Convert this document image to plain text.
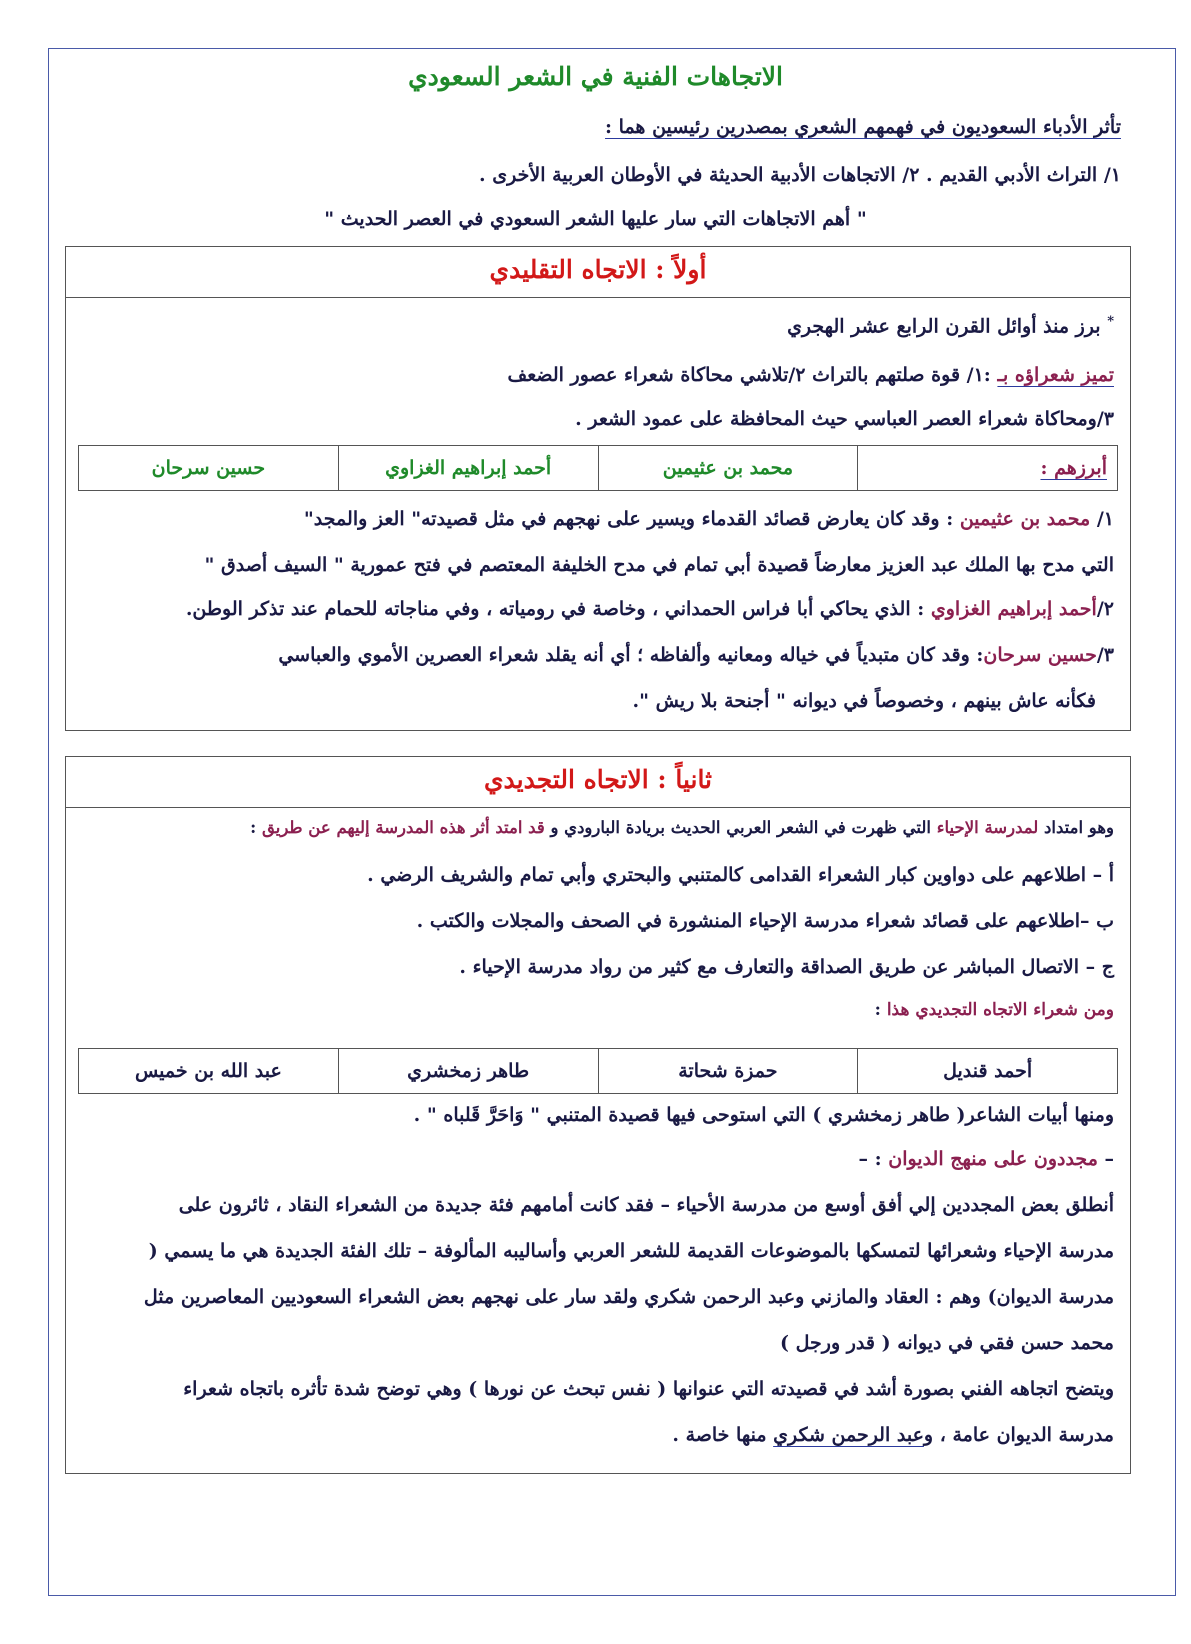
الاتجاهات الفنية في الشعر السعودي
تأثر الأدباء السعوديون في فهمهم الشعري بمصدرين رئيسين هما :
١/ التراث الأدبي القديم . ٢/ الاتجاهات الأدبية الحديثة في الأوطان العربية الأخرى .
" أهم الاتجاهات التي سار عليها الشعر السعودي في العصر الحديث "
أولاً : الاتجاه التقليدي
* برز منذ أوائل القرن الرابع عشر الهجري
تميز شعراؤه بـ :١/ قوة صلتهم بالتراث ٢/تلاشي محاكاة شعراء عصور الضعف
٣/ومحاكاة شعراء العصر العباسي حيث المحافظة على عمود الشعر .
أبرزهم :	محمد بن عثيمين	أحمد إبراهيم الغزاوي	حسين سرحان
١/ محمد بن عثيمين : وقد كان يعارض قصائد القدماء ويسير على نهجهم في مثل قصيدته" العز والمجد"
التي مدح بها الملك عبد العزيز معارضاً قصيدة أبي تمام في مدح الخليفة المعتصم في فتح عمورية " السيف أصدق "
٢/أحمد إبراهيم الغزاوي : الذي يحاكي أبا فراس الحمداني ، وخاصة في رومياته ، وفي مناجاته للحمام عند تذكر الوطن.
٣/حسين سرحان: وقد كان متبدياً في خياله ومعانيه وألفاظه ؛ أي أنه يقلد شعراء العصرين الأموي والعباسي
فكأنه عاش بينهم ، وخصوصاً في ديوانه " أجنحة بلا ريش ".
ثانياً : الاتجاه التجديدي
وهو امتداد لمدرسة الإحياء التي ظهرت في الشعر العربي الحديث بريادة البارودي و قد امتد أثر هذه المدرسة إليهم عن طريق :
أ – اطلاعهم على دواوين كبار الشعراء القدامى كالمتنبي والبحتري وأبي تمام والشريف الرضي .
ب –اطلاعهم على قصائد شعراء مدرسة الإحياء المنشورة في الصحف والمجلات والكتب .
ج – الاتصال المباشر عن طريق الصداقة والتعارف مع كثير من رواد مدرسة الإحياء .
ومن شعراء الاتجاه التجديدي هذا :
أحمد قنديل	حمزة شحاتة	طاهر زمخشري	عبد الله بن خميس
ومنها أبيات الشاعر( طاهر زمخشري ) التي استوحى فيها قصيدة المتنبي " وَاحَرَّ قَلباه " .
– مجددون على منهج الديوان : –
أنطلق بعض المجددين إلي أفق أوسع من مدرسة الأحياء – فقد كانت أمامهم فئة جديدة من الشعراء النقاد ، ثائرون على
مدرسة الإحياء وشعرائها لتمسكها بالموضوعات القديمة للشعر العربي وأساليبه المألوفة – تلك الفئة الجديدة هي ما يسمي (
مدرسة الديوان) وهم : العقاد والمازني وعبد الرحمن شكري ولقد سار على نهجهم بعض الشعراء السعوديين المعاصرين مثل
محمد حسن فقي في ديوانه ( قدر ورجل )
ويتضح اتجاهه الفني بصورة أشد في قصيدته التي عنوانها ( نفس تبحث عن نورها ) وهي توضح شدة تأثره باتجاه شعراء
مدرسة الديوان عامة ، وعبد الرحمن شكري منها خاصة .
